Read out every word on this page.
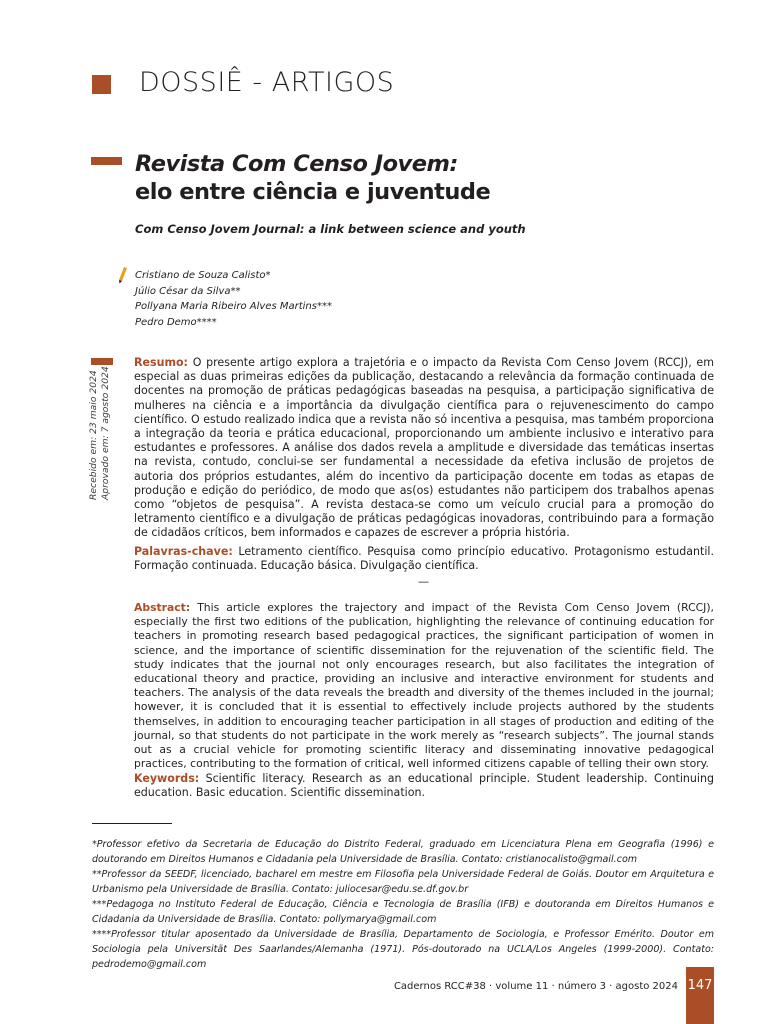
DOSSIÊ - ARTIGOS
Revista Com Censo Jovem:
elo entre ciência e juventude
Com Censo Jovem Journal: a link between science and youth
Cristiano de Souza Calisto*
Júlio César da Silva**
Pollyana Maria Ribeiro Alves Martins***
Pedro Demo****
Recebido em: 23 maio 2024 Aprovado em: 7 agosto 2024

Resumo: O presente artigo explora a trajetória e o impacto da Revista Com Censo Jovem (RCCJ), em especial as duas primeiras edições da publicação, destacando a relevância da formação continuada de docentes na promoção de práticas pedagógicas baseadas na pesquisa, a participação significativa de mulheres na ciência e a importância da divulgação científica para o rejuvenescimento do campo científico. O estudo realizado indica que a revista não só incentiva a pesquisa, mas também proporciona a integração da teoria e prática educacional, proporcionando um ambiente inclusivo e interativo para estudantes e professores. A análise dos dados revela a amplitude e diversidade das temáticas insertas na revista, contudo, conclui-se ser fundamental a necessidade da efetiva inclusão de projetos de autoria dos próprios estudantes, além do incentivo da participação docente em todas as etapas de produção e edição do periódico, de modo que as(os) estudantes não participem dos trabalhos apenas como “objetos de pesquisa”. A revista destaca-se como um veículo crucial para a promoção do letramento científico e a divulgação de práticas pedagógicas inovadoras, contribuindo para a formação de cidadãos críticos, bem informados e capazes de escrever a própria história.

Palavras-chave: Letramento científico. Pesquisa como princípio educativo. Protagonismo estudantil. Formação continuada. Educação básica. Divulgação científica.

—

Abstract: This article explores the trajectory and impact of the Revista Com Censo Jovem (RCCJ), especially the first two editions of the publication, highlighting the relevance of continuing education for teachers in promoting research based pedagogical practices, the significant participation of women in science, and the importance of scientific dissemination for the rejuvenation of the scientific field. The study indicates that the journal not only encourages research, but also facilitates the integration of educational theory and practice, providing an inclusive and interactive environment for students and teachers. The analysis of the data reveals the breadth and diversity of the themes included in the journal; however, it is concluded that it is essential to effectively include projects authored by the students themselves, in addition to encouraging teacher participation in all stages of production and editing of the journal, so that students do not participate in the work merely as “research subjects”. The journal stands out as a crucial vehicle for promoting scientific literacy and disseminating innovative pedagogical practices, contributing to the formation of critical, well informed citizens capable of telling their own story.

Keywords: Scientific literacy. Research as an educational principle. Student leadership. Continuing education. Basic education. Scientific dissemination.

*Professor efetivo da Secretaria de Educação do Distrito Federal, graduado em Licenciatura Plena em Geografia (1996) e doutorando em Direitos Humanos e Cidadania pela Universidade de Brasília. Contato: cristianocalisto@gmail.com

**Professor da SEEDF, licenciado, bacharel em mestre em Filosofia pela Universidade Federal de Goiás. Doutor em Arquitetura e Urbanismo pela Universidade de Brasília. Contato: juliocesar@edu.se.df.gov.br

***Pedagoga no Instituto Federal de Educação, Ciência e Tecnologia de Brasília (IFB) e doutoranda em Direitos Humanos e Cidadania da Universidade de Brasília. Contato: pollymarya@gmail.com

****Professor titular aposentado da Universidade de Brasília, Departamento de Sociologia, e Professor Emérito. Doutor em Sociologia pela Universität Des Saarlandes/Alemanha (1971). Pós-doutorado na UCLA/Los Angeles (1999-2000). Contato: pedrodemo@gmail.com

Cadernos RCC#38 · volume 11 · número 3 · agosto 2024 147
